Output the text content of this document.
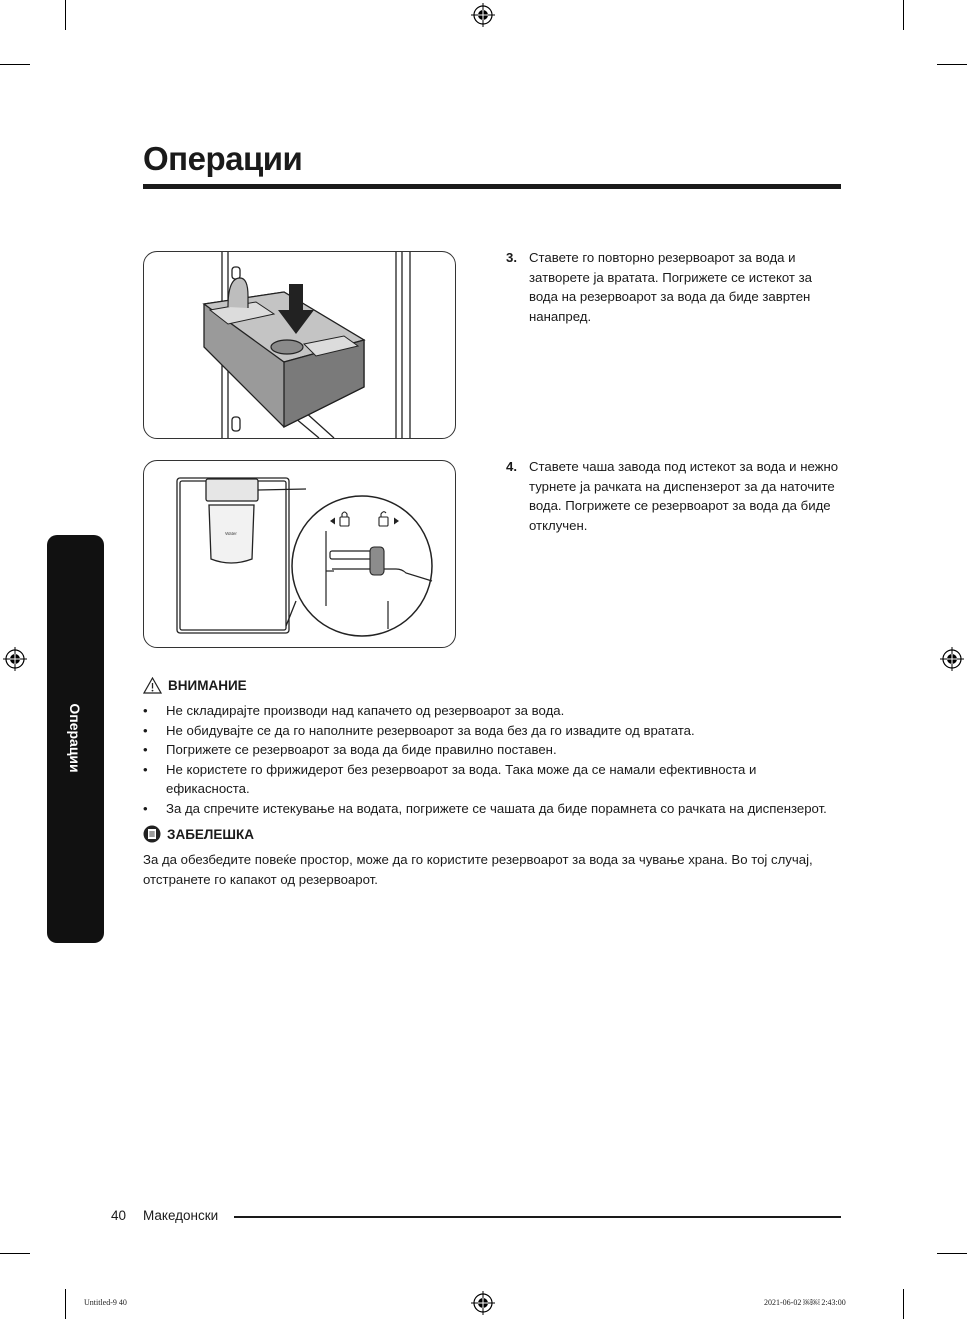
Операции
Операции
Water
3. Ставете го повторно резервоарот за вода и затворете ја вратата. Погрижете се истекот за вода на резервоарот за вода да биде завртен нанапред.
4. Ставете чаша завода под истекот за вода и нежно турнете ја рачката на диспензерот за да наточите вода. Погрижете се резервоарот за вода да биде отклучен.
ВНИМАНИЕ
• Не складирајте производи над капачето од резервоарот за вода.
• Не обидувајте се да го наполните резервоарот за вода без да го извадите од вратата.
• Погрижете се резервоарот за вода да биде правилно поставен.
• Не користете го фрижидерот без резервоарот за вода. Така може да се намали ефективноста и ефикасноста.
• За да спречите истекување на водата, погрижете се чашата да биде порамнета со рачката на диспензерот.
ЗАБЕЛЕШКА
За да обезбедите повеќе простор, може да го користите резервоарот за вода за чување храна. Во тој случај, отстранете го капакот од резервоарот.
40 Македонски
Untitled-9 40	2021-06-02 ￼￼ 2:43:00
